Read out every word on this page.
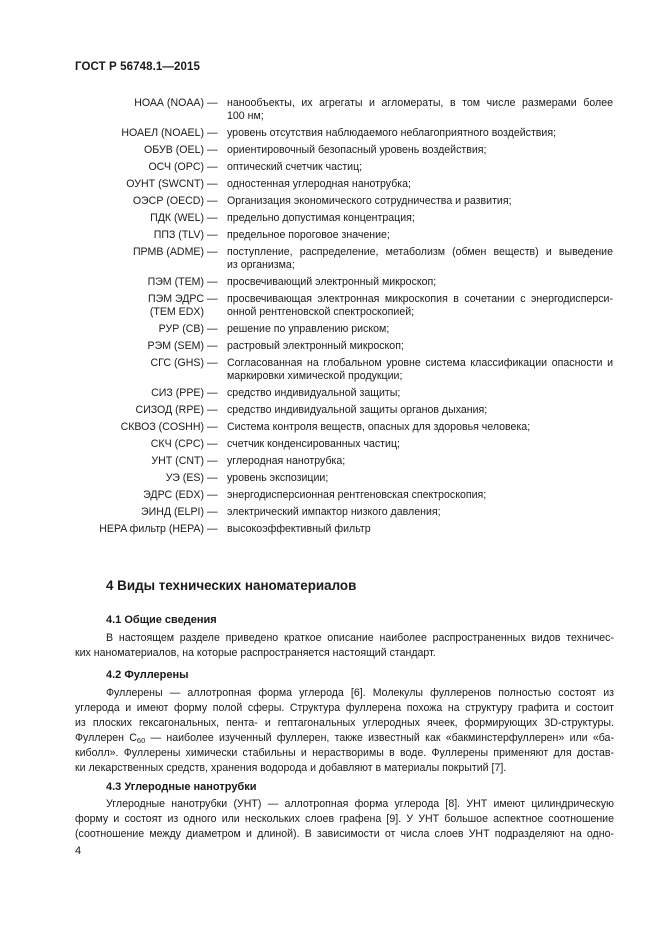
ГОСТ Р 56748.1—2015
НОАА (NOAA) — нанообъекты, их агрегаты и агломераты, в том числе размерами более
100 нм;
НОАЕЛ (NOAEL) — уровень отсутствия наблюдаемого неблагоприятного воздействия;
ОБУВ (OEL) — ориентировочный безопасный уровень воздействия;
ОСЧ (OPC) — оптический счетчик частиц;
ОУНТ (SWCNT) — одностенная углеродная нанотрубка;
ОЭСР (OECD) — Организация экономического сотрудничества и развития;
ПДК (WEL) — предельно допустимая концентрация;
ППЗ (TLV) — предельное пороговое значение;
ПРМВ (ADME) — поступление, распределение, метаболизм (обмен веществ) и выведение
из организма;
ПЭМ (TEM) — просвечивающий электронный микроскоп;
ПЭМ ЭДРС
(TEM EDX)
— просвечивающая электронная микроскопия в сочетании с энергодисперси-
онной рентгеновской спектроскопией;
РУР (CB) — решение по управлению риском;
РЭМ (SEM) — растровый электронный микроскоп;
СГС (GHS) — Согласованная на глобальном уровне система классификации опасности и
маркировки химической продукции;
СИЗ (PPE) — средство индивидуальной защиты;
СИЗОД (RPE) — средство индивидуальной защиты органов дыхания;
СКВОЗ (COSHH) — Система контроля веществ, опасных для здоровья человека;
СКЧ (CPC) — счетчик конденсированных частиц;
УНТ (CNT) — углеродная нанотрубка;
УЭ (ES) — уровень экспозиции;
ЭДРС (EDX) — энергодисперсионная рентгеновская спектроскопия;
ЭИНД (ELPI) — электрический импактор низкого давления;
HEPA фильтр (HEPA) — высокоэффективный фильтр
4 Виды технических наноматериалов
4.1 Общие сведения
В настоящем разделе приведено краткое описание наиболее распространенных видов техничес-
ких наноматериалов, на которые распространяется настоящий стандарт.
4.2 Фуллерены
Фуллерены — аллотропная форма углерода [6]. Молекулы фуллеренов полностью состоят из
углерода и имеют форму полой сферы. Структура фуллерена похожа на структуру графита и состоит
из плоских гексагональных, пента- и гептагональных углеродных ячеек, формирующих 3D-структуры.
Фуллерен $С_{60}$ — наиболее изученный фуллерен, также известный как «бакминстерфуллерен» или «ба-
киболл». Фуллерены химически стабильны и нерастворимы в воде. Фуллерены применяют для достав-
ки лекарственных средств, хранения водорода и добавляют в материалы покрытий [7].
4.3 Углеродные нанотрубки
Углеродные нанотрубки (УНТ) — аллотропная форма углерода [8]. УНТ имеют цилиндрическую
форму и состоят из одного или нескольких слоев графена [9]. У УНТ большое аспектное соотношение
(соотношение между диаметром и длиной). В зависимости от числа слоев УНТ подразделяют на одно-
4
